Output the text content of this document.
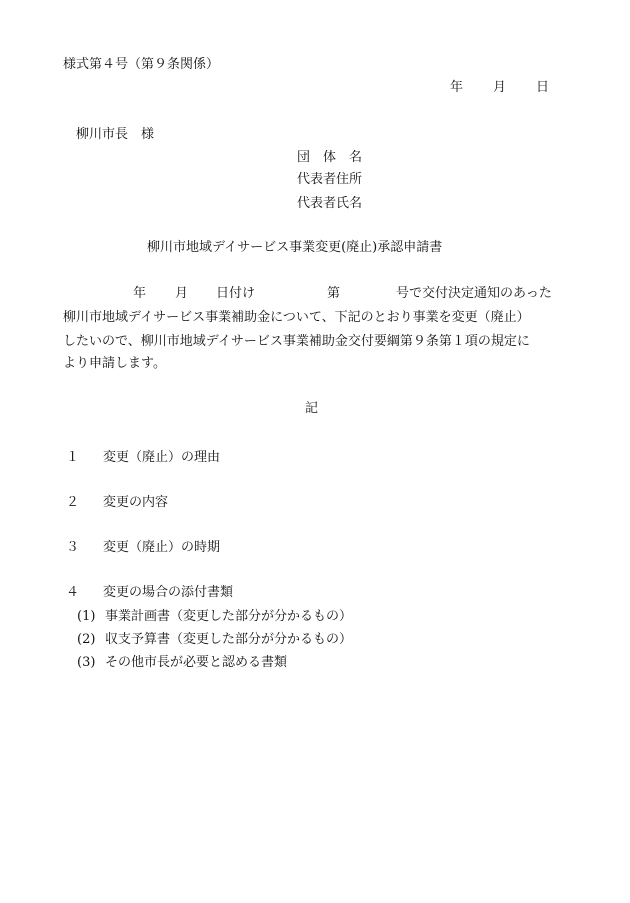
様式第４号（第９条関係）
年 月 日
柳川市長　様
団　体　名
代表者住所
代表者氏名
柳川市地域デイサービス事業変更(廃止)承認申請書
年 月 日付け	第	号で交付決定通知のあった
柳川市地域デイサービス事業補助金について、下記のとおり事業を変更（廃止）
したいので、柳川市地域デイサービス事業補助金交付要綱第９条第１項の規定に
より申請します。
記
１　 変更（廃止）の理由
２　 変更の内容
３　 変更（廃止）の時期
４　 変更の場合の添付書類
(1) 事業計画書（変更した部分が分かるもの）
(2) 収支予算書（変更した部分が分かるもの）
(3) その他市長が必要と認める書類
